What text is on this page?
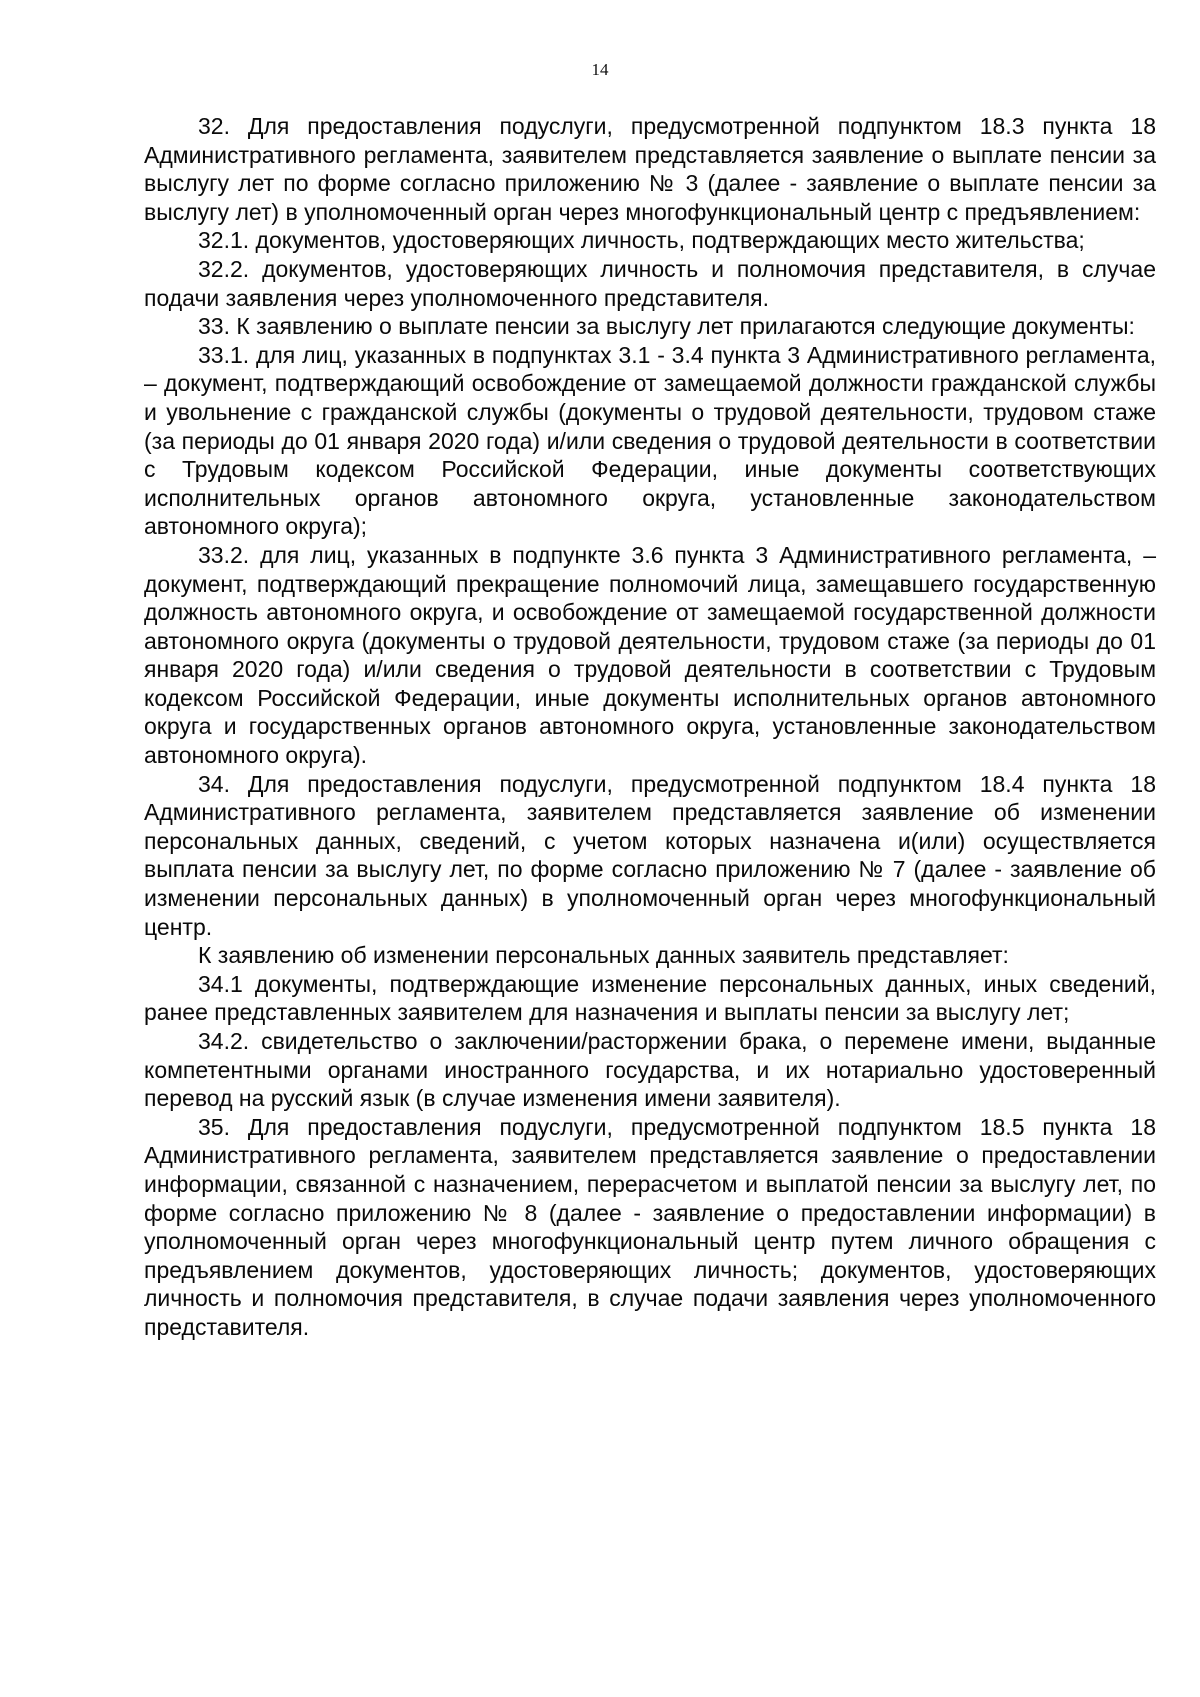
14

32. Для предоставления подуслуги, предусмотренной подпунктом 18.3 пункта 18 Административного регламента, заявителем представляется заявление о выплате пенсии за выслугу лет по форме согласно приложению № 3 (далее - заявление о выплате пенсии за выслугу лет) в уполномоченный орган через многофункциональный центр с предъявлением:

32.1. документов, удостоверяющих личность, подтверждающих место жительства;

32.2. документов, удостоверяющих личность и полномочия представителя, в случае подачи заявления через уполномоченного представителя.

33. К заявлению о выплате пенсии за выслугу лет прилагаются следующие документы:

33.1. для лиц, указанных в подпунктах 3.1 - 3.4 пункта 3 Административного регламента, – документ, подтверждающий освобождение от замещаемой должности гражданской службы и увольнение с гражданской службы (документы о трудовой деятельности, трудовом стаже (за периоды до 01 января 2020 года) и/или сведения о трудовой деятельности в соответствии с Трудовым кодексом Российской Федерации, иные документы соответствующих исполнительных органов автономного округа, установленные законодательством автономного округа);

33.2. для лиц, указанных в подпункте 3.6 пункта 3 Административного регламента, – документ, подтверждающий прекращение полномочий лица, замещавшего государственную должность автономного округа, и освобождение от замещаемой государственной должности автономного округа (документы о трудовой деятельности, трудовом стаже (за периоды до 01 января 2020 года) и/или сведения о трудовой деятельности в соответствии с Трудовым кодексом Российской Федерации, иные документы исполнительных органов автономного округа и государственных органов автономного округа, установленные законодательством автономного округа).

34. Для предоставления подуслуги, предусмотренной подпунктом 18.4 пункта 18 Административного регламента, заявителем представляется заявление об изменении персональных данных, сведений, с учетом которых назначена и(или) осуществляется выплата пенсии за выслугу лет, по форме согласно приложению № 7 (далее - заявление об изменении персональных данных) в уполномоченный орган через многофункциональный центр.

К заявлению об изменении персональных данных заявитель представляет:

34.1 документы, подтверждающие изменение персональных данных, иных сведений, ранее представленных заявителем для назначения и выплаты пенсии за выслугу лет;

34.2. свидетельство о заключении/расторжении брака, о перемене имени, выданные компетентными органами иностранного государства, и их нотариально удостоверенный перевод на русский язык (в случае изменения имени заявителя).

35. Для предоставления подуслуги, предусмотренной подпунктом 18.5 пункта 18 Административного регламента, заявителем представляется заявление о предоставлении информации, связанной с назначением, перерасчетом и выплатой пенсии за выслугу лет, по форме согласно приложению № 8 (далее - заявление о предоставлении информации) в уполномоченный орган через многофункциональный центр путем личного обращения с предъявлением документов, удостоверяющих личность; документов, удостоверяющих личность и полномочия представителя, в случае подачи заявления через уполномоченного представителя.
